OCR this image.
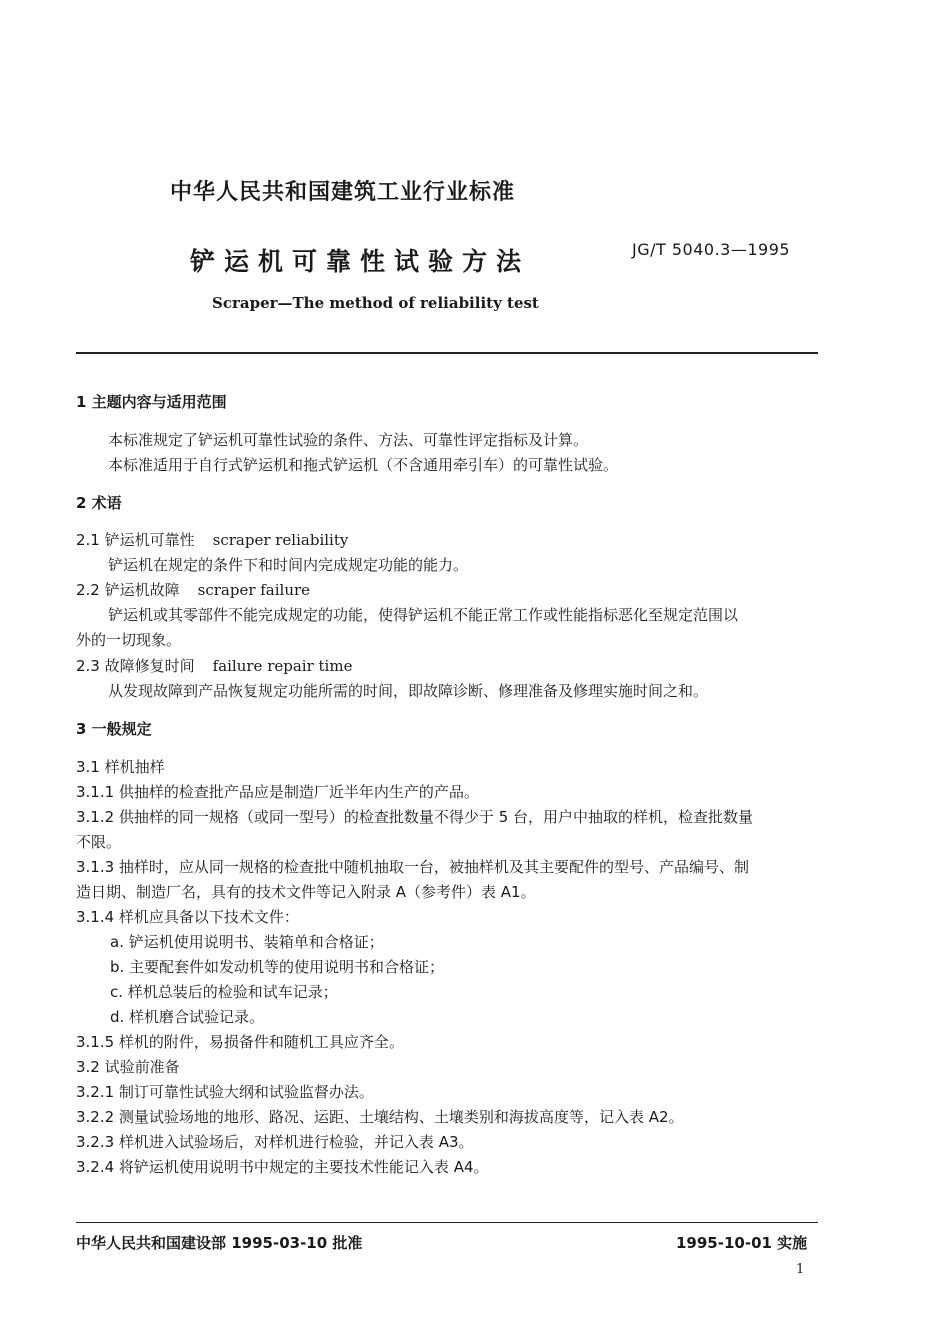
中华人民共和国建筑工业行业标准
铲运机可靠性试验方法	JG/T 5040.3—1995
Scraper—The method of reliability test
1 主题内容与适用范围
本标准规定了铲运机可靠性试验的条件、方法、可靠性评定指标及计算。
本标准适用于自行式铲运机和拖式铲运机（不含通用牵引车）的可靠性试验。
2 术语
2.1 铲运机可靠性 scraper reliability
铲运机在规定的条件下和时间内完成规定功能的能力。
2.2 铲运机故障 scraper failure
铲运机或其零部件不能完成规定的功能，使得铲运机不能正常工作或性能指标恶化至规定范围以
外的一切现象。
2.3 故障修复时间 failure repair time
从发现故障到产品恢复规定功能所需的时间，即故障诊断、修理准备及修理实施时间之和。
3 一般规定
3.1 样机抽样
3.1.1 供抽样的检查批产品应是制造厂近半年内生产的产品。
3.1.2 供抽样的同一规格（或同一型号）的检查批数量不得少于 5 台，用户中抽取的样机，检查批数量
不限。
3.1.3 抽样时，应从同一规格的检查批中随机抽取一台，被抽样机及其主要配件的型号、产品编号、制
造日期、制造厂名，具有的技术文件等记入附录 A（参考件）表 A1。
3.1.4 样机应具备以下技术文件：
a. 铲运机使用说明书、装箱单和合格证；
b. 主要配套件如发动机等的使用说明书和合格证；
c. 样机总装后的检验和试车记录；
d. 样机磨合试验记录。
3.1.5 样机的附件，易损备件和随机工具应齐全。
3.2 试验前准备
3.2.1 制订可靠性试验大纲和试验监督办法。
3.2.2 测量试验场地的地形、路况、运距、土壤结构、土壤类别和海拔高度等，记入表 A2。
3.2.3 样机进入试验场后，对样机进行检验，并记入表 A3。
3.2.4 将铲运机使用说明书中规定的主要技术性能记入表 A4。
中华人民共和国建设部 1995-03-10 批准	1995-10-01 实施
1
